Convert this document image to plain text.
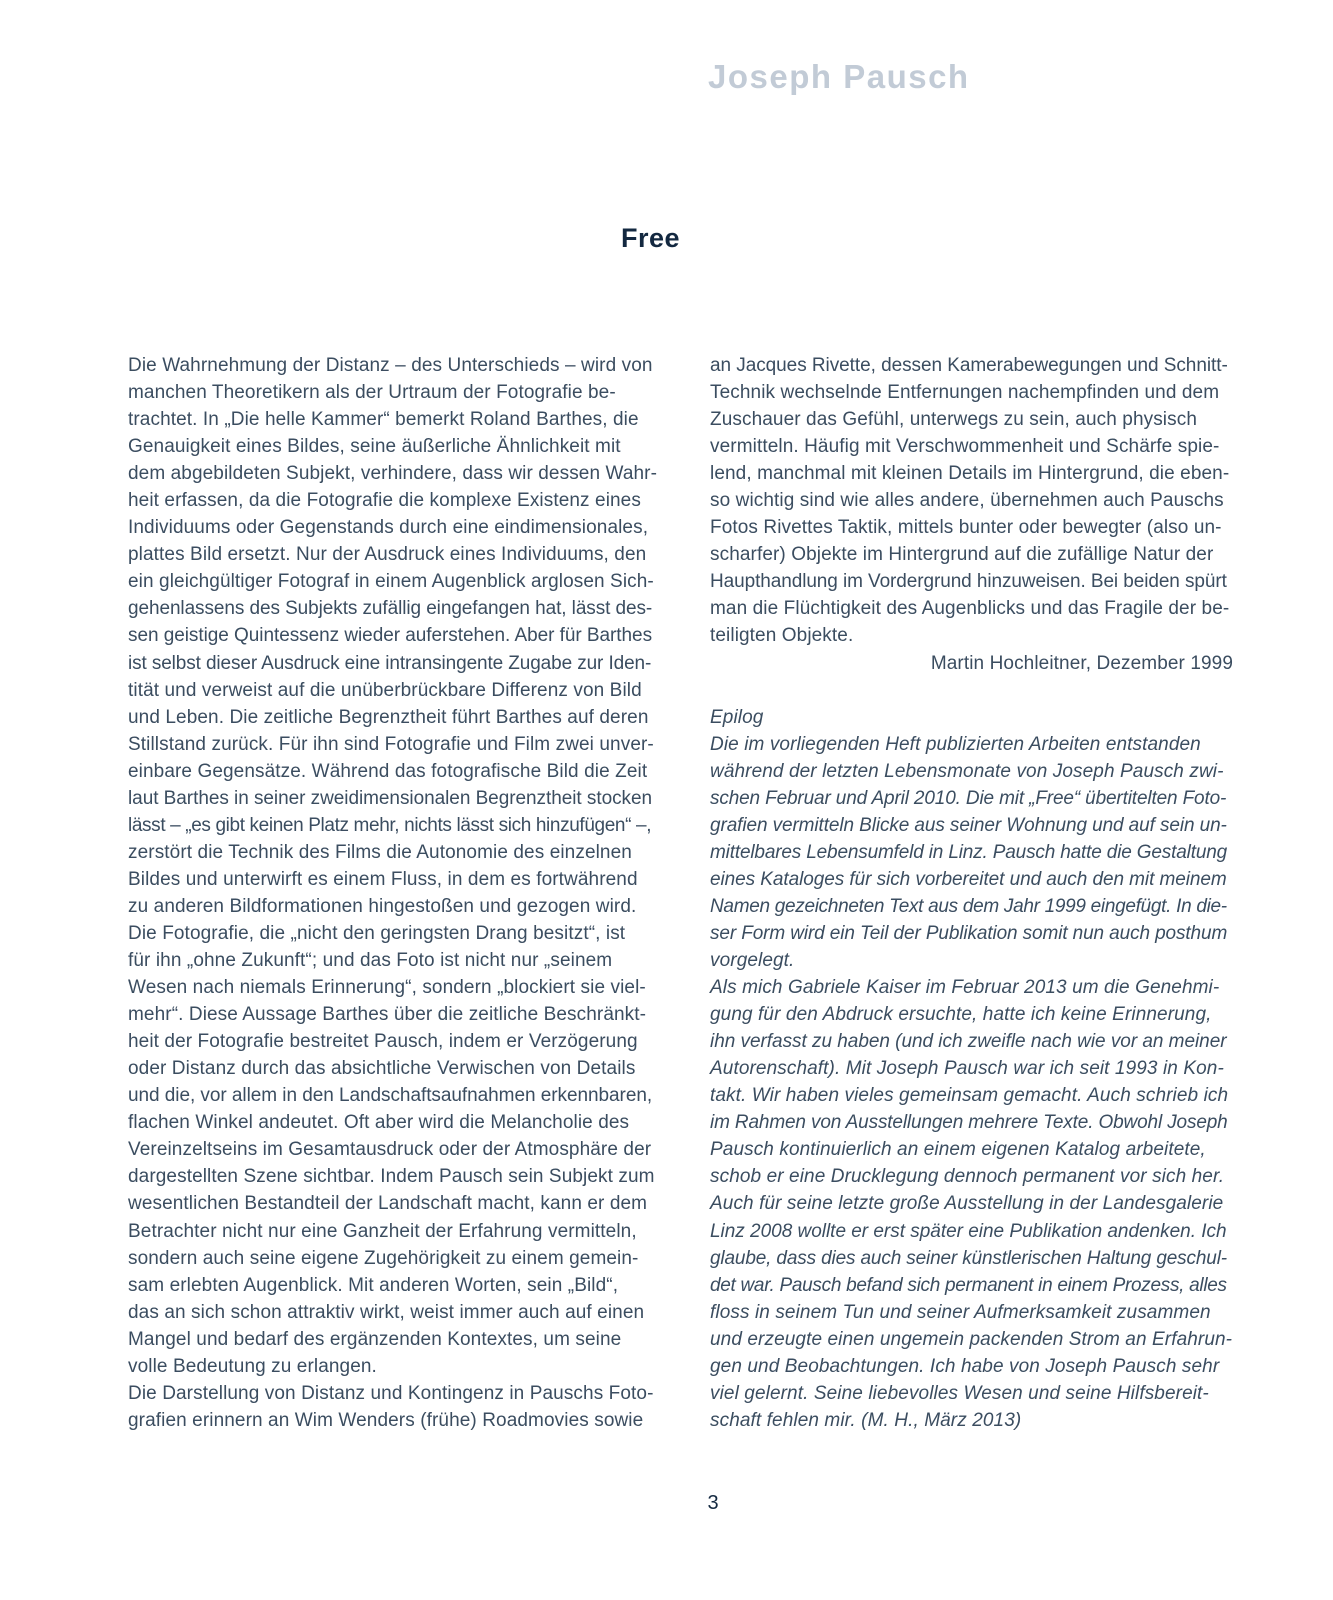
Joseph Pausch
Free
Die Wahrnehmung der Distanz – des Unterschieds – wird von
manchen Theoretikern als der Urtraum der Fotografie be-
trachtet. In „Die helle Kammer“ bemerkt Roland Barthes, die
Genauigkeit eines Bildes, seine äußerliche Ähnlichkeit mit
dem abgebildeten Subjekt, verhindere, dass wir dessen Wahr-
heit erfassen, da die Fotografie die komplexe Existenz eines
Individuums oder Gegenstands durch eine eindimensionales,
plattes Bild ersetzt. Nur der Ausdruck eines Individuums, den
ein gleichgültiger Fotograf in einem Augenblick arglosen Sich-
gehenlassens des Subjekts zufällig eingefangen hat, lässt des-
sen geistige Quintessenz wieder auferstehen. Aber für Barthes
ist selbst dieser Ausdruck eine intransingente Zugabe zur Iden-
tität und verweist auf die unüberbrückbare Differenz von Bild
und Leben. Die zeitliche Begrenztheit führt Barthes auf deren
Stillstand zurück. Für ihn sind Fotografie und Film zwei unver-
einbare Gegensätze. Während das fotografische Bild die Zeit
laut Barthes in seiner zweidimensionalen Begrenztheit stocken
lässt – „es gibt keinen Platz mehr, nichts lässt sich hinzufügen“ –,
zerstört die Technik des Films die Autonomie des einzelnen
Bildes und unterwirft es einem Fluss, in dem es fortwährend
zu anderen Bildformationen hingestoßen und gezogen wird.
Die Fotografie, die „nicht den geringsten Drang besitzt“, ist
für ihn „ohne Zukunft“; und das Foto ist nicht nur „seinem
Wesen nach niemals Erinnerung“, sondern „blockiert sie viel-
mehr“. Diese Aussage Barthes über die zeitliche Beschränkt-
heit der Fotografie bestreitet Pausch, indem er Verzögerung
oder Distanz durch das absichtliche Verwischen von Details
und die, vor allem in den Landschaftsaufnahmen erkennbaren,
flachen Winkel andeutet. Oft aber wird die Melancholie des
Vereinzeltseins im Gesamtausdruck oder der Atmosphäre der
dargestellten Szene sichtbar. Indem Pausch sein Subjekt zum
wesentlichen Bestandteil der Landschaft macht, kann er dem
Betrachter nicht nur eine Ganzheit der Erfahrung vermitteln,
sondern auch seine eigene Zugehörigkeit zu einem gemein-
sam erlebten Augenblick. Mit anderen Worten, sein „Bild“,
das an sich schon attraktiv wirkt, weist immer auch auf einen
Mangel und bedarf des ergänzenden Kontextes, um seine
volle Bedeutung zu erlangen.
Die Darstellung von Distanz und Kontingenz in Pauschs Foto-
grafien erinnern an Wim Wenders (frühe) Roadmovies sowie
an Jacques Rivette, dessen Kamerabewegungen und Schnitt-
Technik wechselnde Entfernungen nachempfinden und dem
Zuschauer das Gefühl, unterwegs zu sein, auch physisch
vermitteln. Häufig mit Verschwommenheit und Schärfe spie-
lend, manchmal mit kleinen Details im Hintergrund, die eben-
so wichtig sind wie alles andere, übernehmen auch Pauschs
Fotos Rivettes Taktik, mittels bunter oder bewegter (also un-
scharfer) Objekte im Hintergrund auf die zufällige Natur der
Haupthandlung im Vordergrund hinzuweisen. Bei beiden spürt
man die Flüchtigkeit des Augenblicks und das Fragile der be-
teiligten Objekte.
Martin Hochleitner, Dezember 1999
Epilog
Die im vorliegenden Heft publizierten Arbeiten entstanden
während der letzten Lebensmonate von Joseph Pausch zwi-
schen Februar und April 2010. Die mit „Free“ übertitelten Foto-
grafien vermitteln Blicke aus seiner Wohnung und auf sein un-
mittelbares Lebensumfeld in Linz. Pausch hatte die Gestaltung
eines Kataloges für sich vorbereitet und auch den mit meinem
Namen gezeichneten Text aus dem Jahr 1999 eingefügt. In die-
ser Form wird ein Teil der Publikation somit nun auch posthum
vorgelegt.
Als mich Gabriele Kaiser im Februar 2013 um die Genehmi-
gung für den Abdruck ersuchte, hatte ich keine Erinnerung,
ihn verfasst zu haben (und ich zweifle nach wie vor an meiner
Autorenschaft). Mit Joseph Pausch war ich seit 1993 in Kon-
takt. Wir haben vieles gemeinsam gemacht. Auch schrieb ich
im Rahmen von Ausstellungen mehrere Texte. Obwohl Joseph
Pausch kontinuierlich an einem eigenen Katalog arbeitete,
schob er eine Drucklegung dennoch permanent vor sich her.
Auch für seine letzte große Ausstellung in der Landesgalerie
Linz 2008 wollte er erst später eine Publikation andenken. Ich
glaube, dass dies auch seiner künstlerischen Haltung geschul-
det war. Pausch befand sich permanent in einem Prozess, alles
floss in seinem Tun und seiner Aufmerksamkeit zusammen
und erzeugte einen ungemein packenden Strom an Erfahrun-
gen und Beobachtungen. Ich habe von Joseph Pausch sehr
viel gelernt. Seine liebevolles Wesen und seine Hilfsbereit-
schaft fehlen mir. (M. H., März 2013)
3
